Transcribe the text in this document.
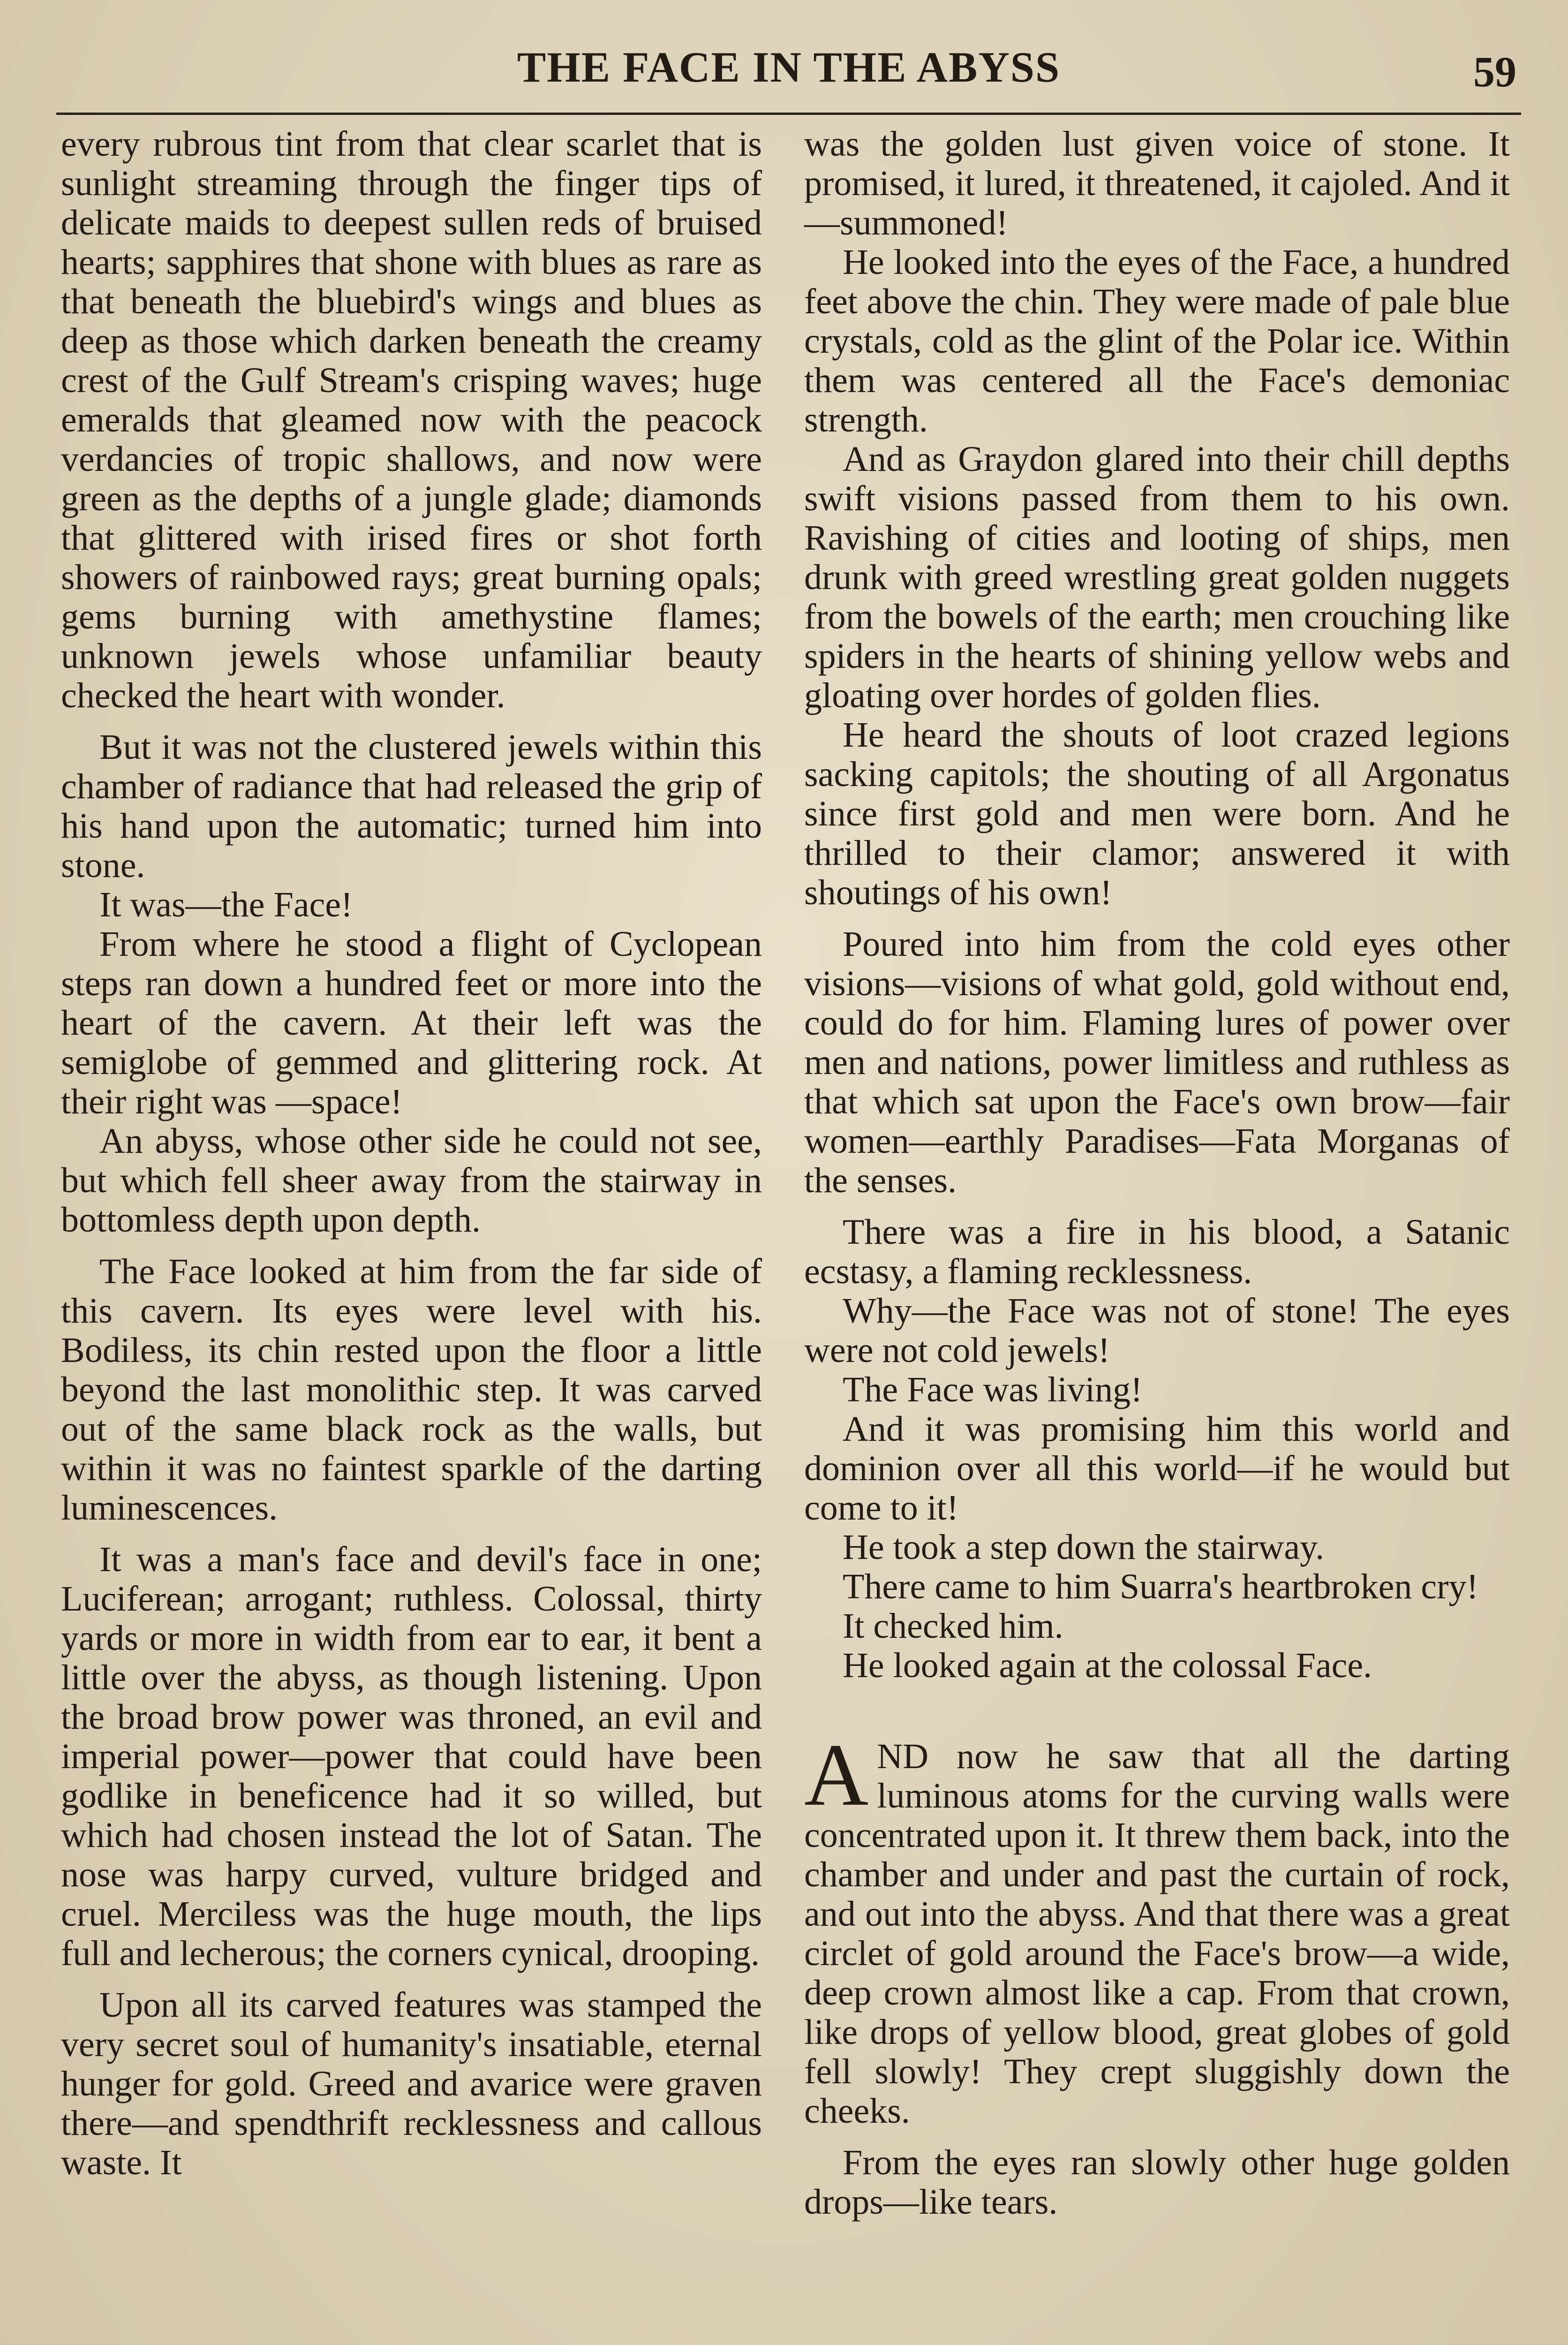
THE FACE IN THE ABYSS	59

every rubrous tint from that clear scarlet that is sunlight streaming through the finger tips of delicate maids to deepest sullen reds of bruised hearts; sapphires that shone with blues as rare as that beneath the bluebird's wings and blues as deep as those which darken beneath the creamy crest of the Gulf Stream's crisping waves; huge emeralds that gleamed now with the peacock verdancies of tropic shallows, and now were green as the depths of a jungle glade; diamonds that glittered with irised fires or shot forth showers of rainbowed rays; great burning opals; gems burning with amethystine flames; unknown jewels whose unfamiliar beauty checked the heart with wonder.

But it was not the clustered jewels within this chamber of radiance that had released the grip of his hand upon the automatic; turned him into stone.

It was—the Face!

From where he stood a flight of Cyclopean steps ran down a hundred feet or more into the heart of the cavern. At their left was the semiglobe of gemmed and glittering rock. At their right was —space!

An abyss, whose other side he could not see, but which fell sheer away from the stairway in bottomless depth upon depth.

The Face looked at him from the far side of this cavern. Its eyes were level with his. Bodiless, its chin rested upon the floor a little beyond the last monolithic step. It was carved out of the same black rock as the walls, but within it was no faintest sparkle of the darting luminescences.

It was a man's face and devil's face in one; Luciferean; arrogant; ruthless. Colossal, thirty yards or more in width from ear to ear, it bent a little over the abyss, as though listening. Upon the broad brow power was throned, an evil and imperial power—power that could have been godlike in beneficence had it so willed, but which had chosen instead the lot of Satan. The nose was harpy curved, vulture bridged and cruel. Merciless was the huge mouth, the lips full and lecherous; the corners cynical, drooping.

Upon all its carved features was stamped the very secret soul of humanity's insatiable, eternal hunger for gold. Greed and avarice were graven there—and spendthrift recklessness and callous waste. It

was the golden lust given voice of stone. It promised, it lured, it threatened, it cajoled. And it—summoned!

He looked into the eyes of the Face, a hundred feet above the chin. They were made of pale blue crystals, cold as the glint of the Polar ice. Within them was centered all the Face's demoniac strength.

And as Graydon glared into their chill depths swift visions passed from them to his own. Ravishing of cities and looting of ships, men drunk with greed wrestling great golden nuggets from the bowels of the earth; men crouching like spiders in the hearts of shining yellow webs and gloating over hordes of golden flies.

He heard the shouts of loot crazed legions sacking capitols; the shouting of all Argonatus since first gold and men were born. And he thrilled to their clamor; answered it with shoutings of his own!

Poured into him from the cold eyes other visions—visions of what gold, gold without end, could do for him. Flaming lures of power over men and nations, power limitless and ruthless as that which sat upon the Face's own brow—fair women—earthly Paradises—Fata Morganas of the senses.

There was a fire in his blood, a Satanic ecstasy, a flaming recklessness.

Why—the Face was not of stone! The eyes were not cold jewels!

The Face was living!

And it was promising him this world and dominion over all this world—if he would but come to it!

He took a step down the stairway.

There came to him Suarra's heartbroken cry!

It checked him.

He looked again at the colossal Face.

AND now he saw that all the darting luminous atoms for the curving walls were concentrated upon it. It threw them back, into the chamber and under and past the curtain of rock, and out into the abyss. And that there was a great circlet of gold around the Face's brow—a wide, deep crown almost like a cap. From that crown, like drops of yellow blood, great globes of gold fell slowly! They crept sluggishly down the cheeks.

From the eyes ran slowly other huge golden drops—like tears.
